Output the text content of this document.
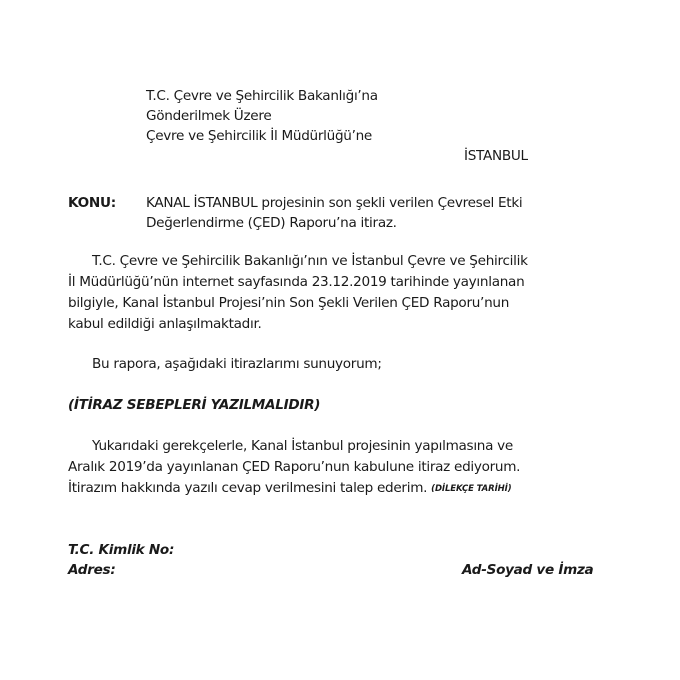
T.C. Çevre ve Şehircilik Bakanlığı’na
Gönderilmek Üzere
Çevre ve Şehircilik İl Müdürlüğü’ne
İSTANBUL
KONU: KANAL İSTANBUL projesinin son şekli verilen Çevresel Etki
Değerlendirme (ÇED) Raporu’na itiraz.
T.C. Çevre ve Şehircilik Bakanlığı’nın ve İstanbul Çevre ve Şehircilik
İl Müdürlüğü’nün internet sayfasında 23.12.2019 tarihinde yayınlanan
bilgiyle, Kanal İstanbul Projesi’nin Son Şekli Verilen ÇED Raporu’nun
kabul edildiği anlaşılmaktadır.
Bu rapora, aşağıdaki itirazlarımı sunuyorum;
(İTİRAZ SEBEPLERİ YAZILMALIDIR)
Yukarıdaki gerekçelerle, Kanal İstanbul projesinin yapılmasına ve
Aralık 2019’da yayınlanan ÇED Raporu’nun kabulune itiraz ediyorum.
İtirazım hakkında yazılı cevap verilmesini talep ederim. (DİLEKÇE TARİHİ)
T.C. Kimlik No:
Adres:	Ad-Soyad ve İmza
